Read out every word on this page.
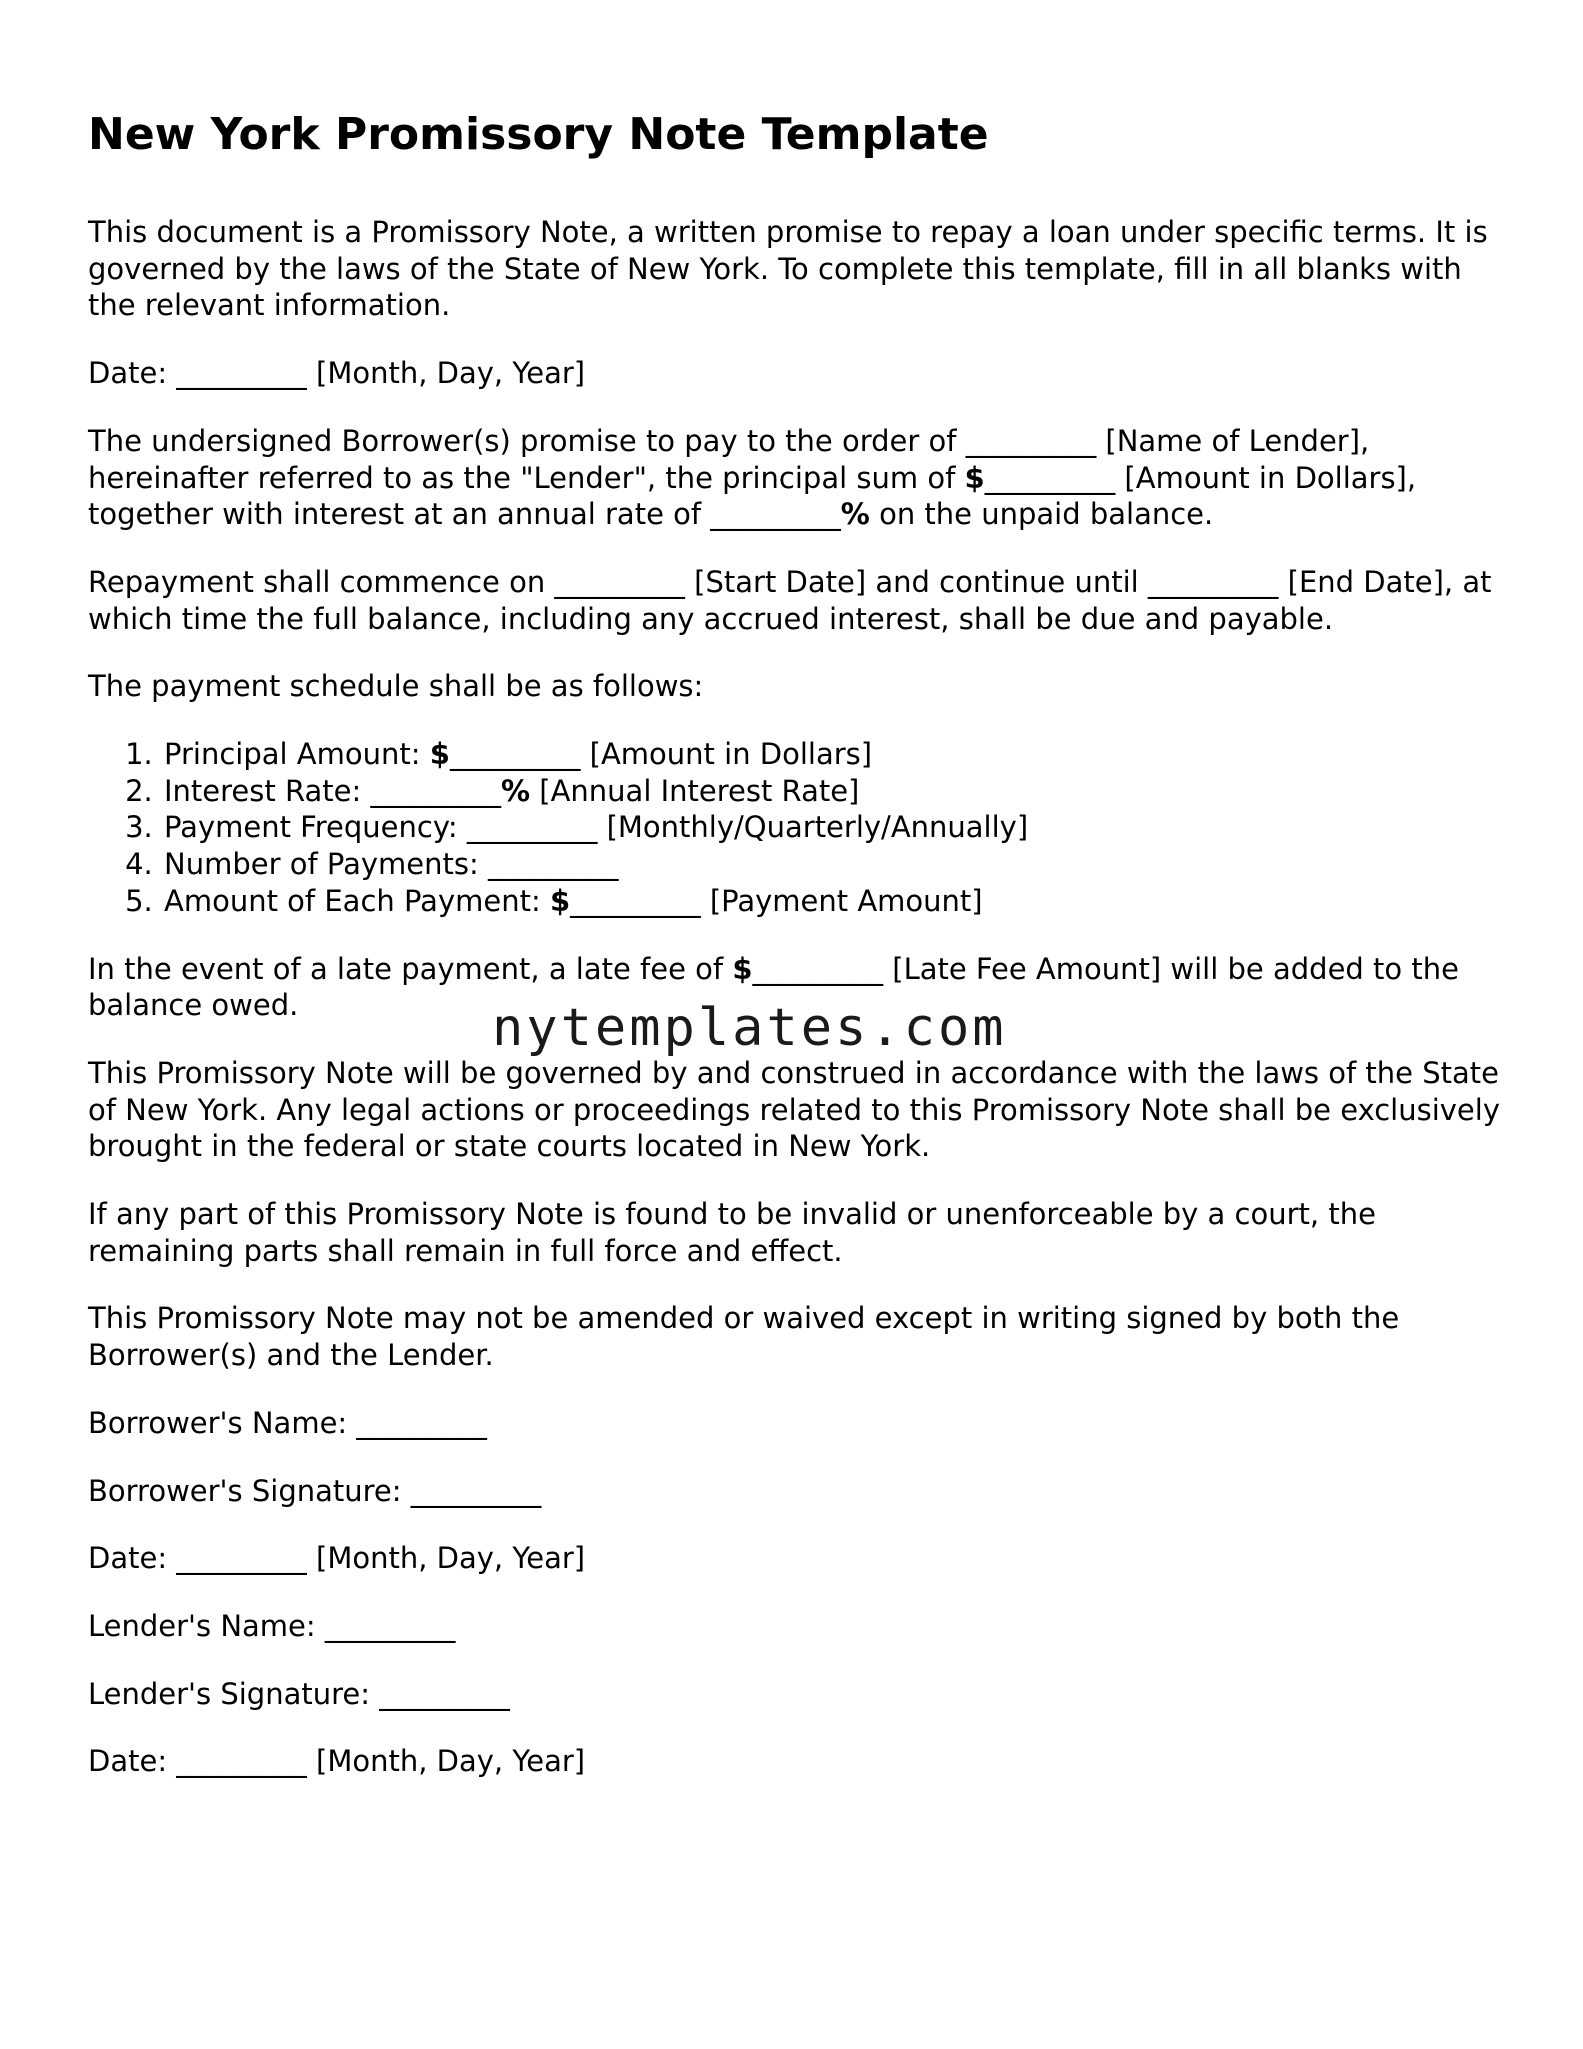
New York Promissory Note Template

This document is a Promissory Note, a written promise to repay a loan under specific terms. It is governed by the laws of the State of New York. To complete this template, fill in all blanks with the relevant information.

Date: _________ [Month, Day, Year]

The undersigned Borrower(s) promise to pay to the order of _________ [Name of Lender], hereinafter referred to as the "Lender", the principal sum of $_________ [Amount in Dollars], together with interest at an annual rate of _________% on the unpaid balance.

Repayment shall commence on _________ [Start Date] and continue until _________ [End Date], at which time the full balance, including any accrued interest, shall be due and payable.

The payment schedule shall be as follows:

1. Principal Amount: $_________ [Amount in Dollars]
2. Interest Rate: _________% [Annual Interest Rate]
3. Payment Frequency: _________ [Monthly/Quarterly/Annually]
4. Number of Payments: _________
5. Amount of Each Payment: $_________ [Payment Amount]

In the event of a late payment, a late fee of $_________ [Late Fee Amount] will be added to the balance owed.

This Promissory Note will be governed by and construed in accordance with the laws of the State of New York. Any legal actions or proceedings related to this Promissory Note shall be exclusively brought in the federal or state courts located in New York.

If any part of this Promissory Note is found to be invalid or unenforceable by a court, the remaining parts shall remain in full force and effect.

This Promissory Note may not be amended or waived except in writing signed by both the Borrower(s) and the Lender.

Borrower's Name: _________

Borrower's Signature: _________

Date: _________ [Month, Day, Year]

Lender's Name: _________

Lender's Signature: _________

Date: _________ [Month, Day, Year]

nytemplates.com
